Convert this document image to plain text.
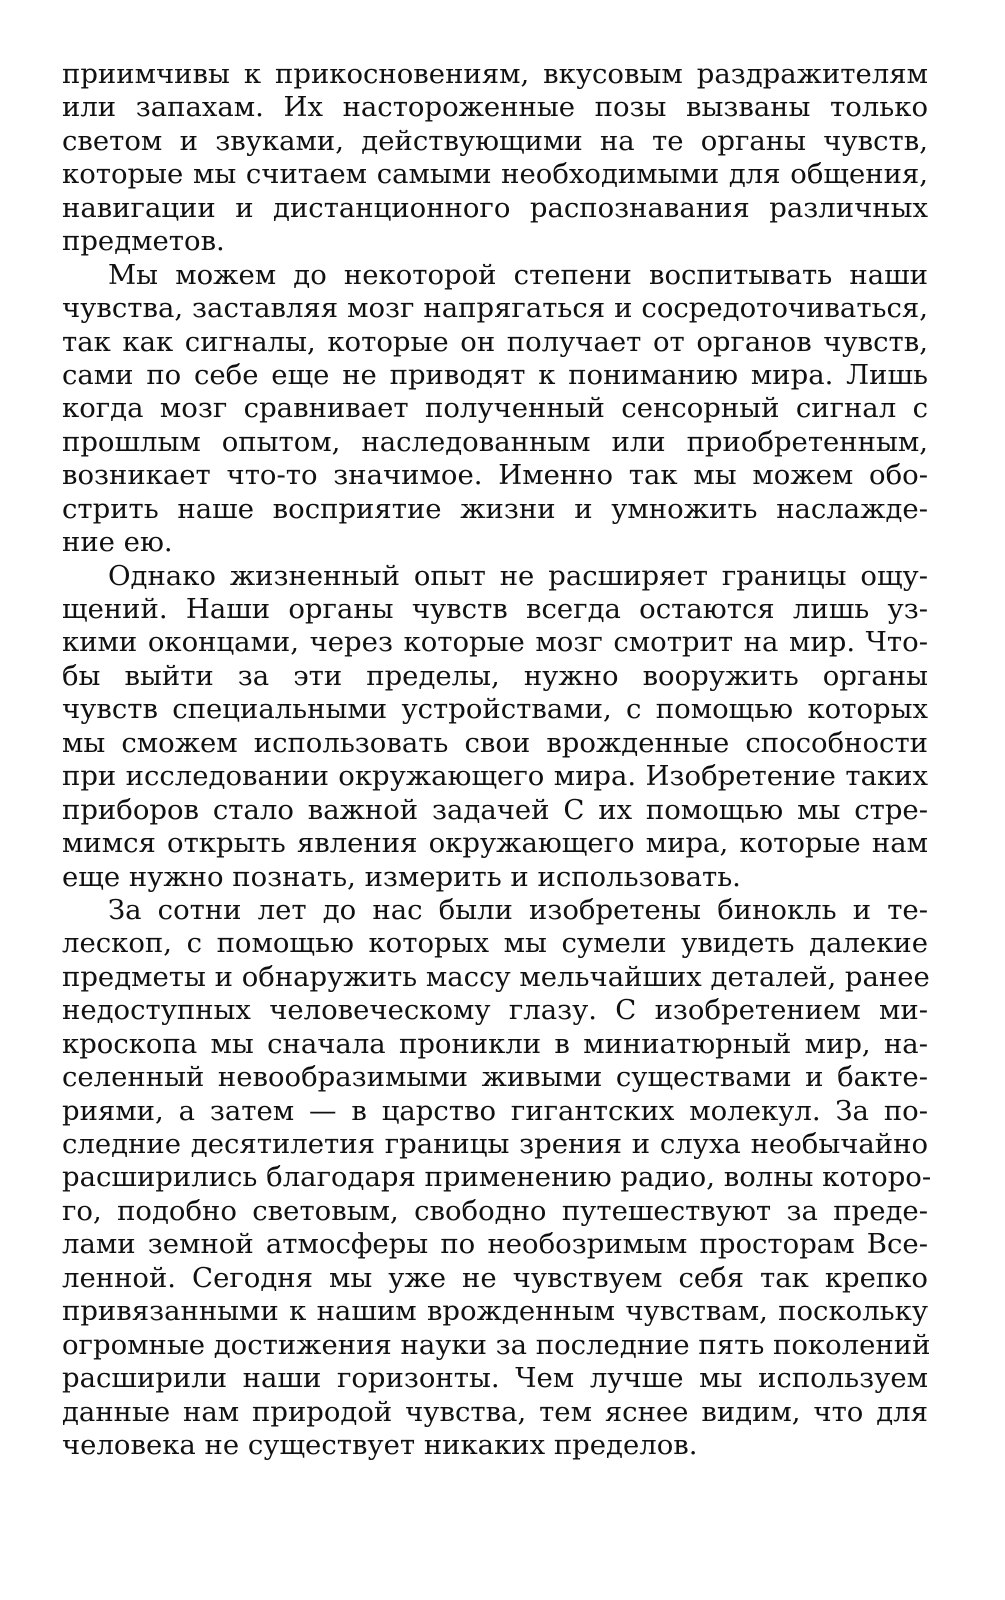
приимчивы к прикосновениям, вкусовым раздражителям
или запахам. Их настороженные позы вызваны только
светом и звуками, действующими на те органы чувств,
которые мы считаем самыми необходимыми для общения,
навигации и дистанционного распознавания различных
предметов.
Мы можем до некоторой степени воспитывать наши
чувства, заставляя мозг напрягаться и сосредоточиваться,
так как сигналы, которые он получает от органов чувств,
сами по себе еще не приводят к пониманию мира. Лишь
когда мозг сравнивает полученный сенсорный сигнал с
прошлым опытом, наследованным или приобретенным,
возникает что-то значимое. Именно так мы можем обо-
стрить наше восприятие жизни и умножить наслажде-
ние ею.
Однако жизненный опыт не расширяет границы ощу-
щений. Наши органы чувств всегда остаются лишь уз-
кими оконцами, через которые мозг смотрит на мир. Что-
бы выйти за эти пределы, нужно вооружить органы
чувств специальными устройствами, с помощью которых
мы сможем использовать свои врожденные способности
при исследовании окружающего мира. Изобретение таких
приборов стало важной задачей С их помощью мы стре-
мимся открыть явления окружающего мира, которые нам
еще нужно познать, измерить и использовать.
За сотни лет до нас были изобретены бинокль и те-
лескоп, с помощью которых мы сумели увидеть далекие
предметы и обнаружить массу мельчайших деталей, ранее
недоступных человеческому глазу. С изобретением ми-
кроскопа мы сначала проникли в миниатюрный мир, на-
селенный невообразимыми живыми существами и бакте-
риями, а затем — в царство гигантских молекул. За по-
следние десятилетия границы зрения и слуха необычайно
расширились благодаря применению радио, волны которо-
го, подобно световым, свободно путешествуют за преде-
лами земной атмосферы по необозримым просторам Все-
ленной. Сегодня мы уже не чувствуем себя так крепко
привязанными к нашим врожденным чувствам, поскольку
огромные достижения науки за последние пять поколений
расширили наши горизонты. Чем лучше мы используем
данные нам природой чувства, тем яснее видим, что для
человека не существует никаких пределов.
